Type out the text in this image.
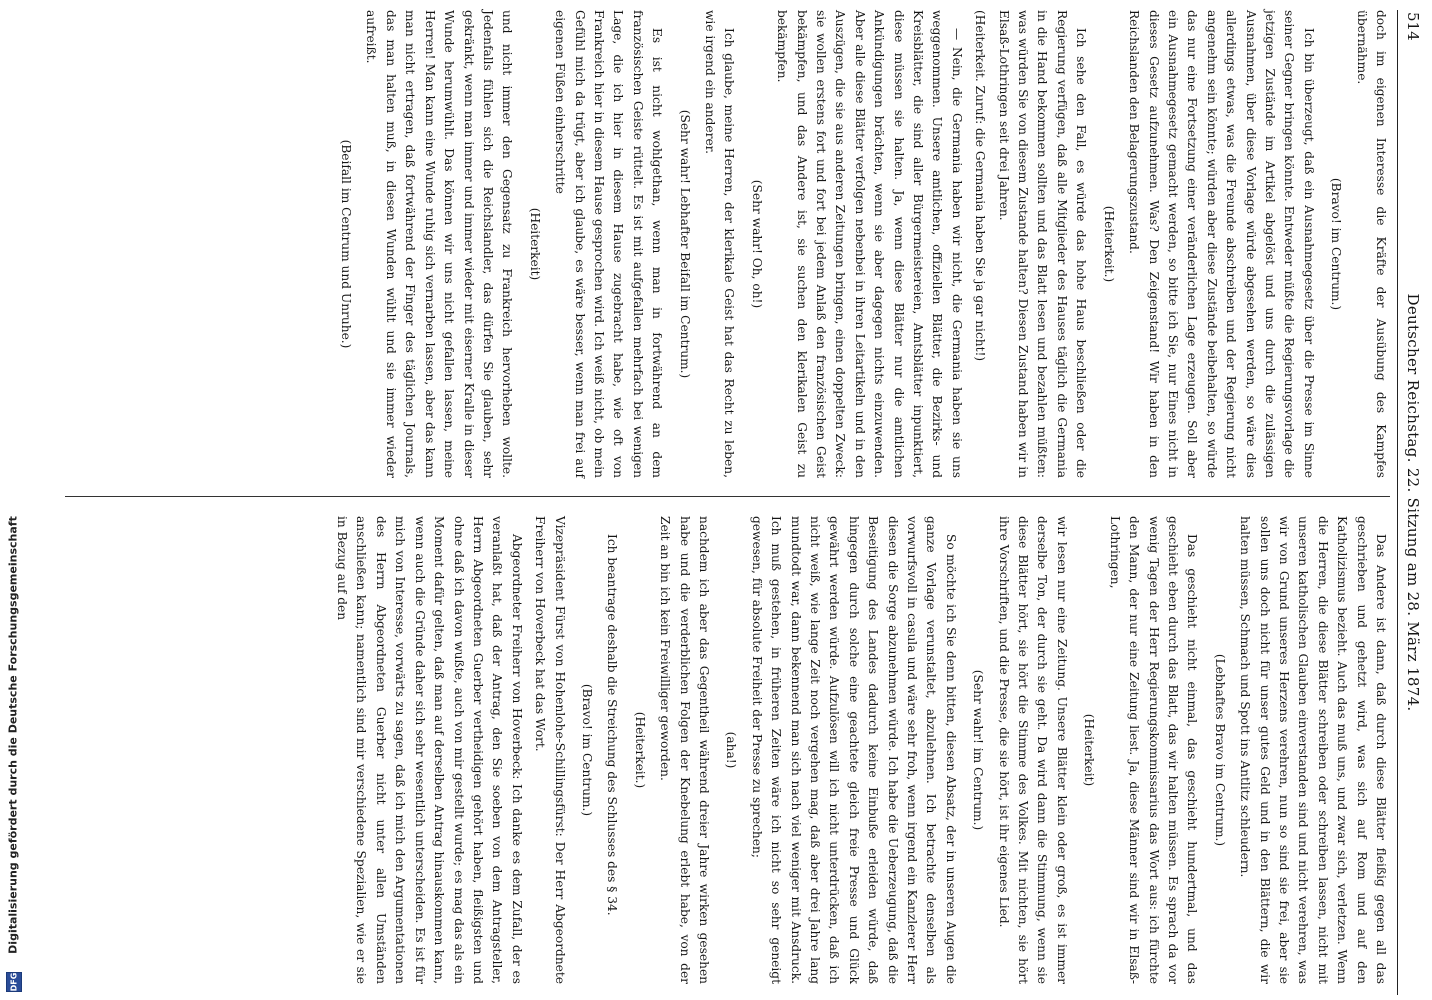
514
Deutscher Reichstag. 22. Sitzung am 28. März 1874.

doch im eigenen Interesse die Kräfte der Ausübung des Kampfes übernähme.

(Bravo! im Centrum.)

Ich bin überzeugt, daß ein Ausnahmegesetz über die Presse im Sinne seiner Gegner bringen könnte. Entweder müßte die Regierungsvorlage die jetzigen Zustände im Artikel abgelöst und uns durch die zulässigen Ausnahmen, über diese Vorlage würde abgesehen werden, so wäre dies allerdings etwas, was die Freunde abschreiben und der Regierung nicht angenehm sein könnte; würden aber diese Zustände beibehalten, so würde das nur eine Fortsetzung einer veränderlichen Lage erzeugen. Soll aber ein Ausnahmegesetz gemacht werden, so bitte ich Sie, nur Eines nicht in dieses Gesetz aufzunehmen. Was? Den Zeigenstand! Wir haben in den Reichslanden den Belagerungszustand.

(Heiterkeit.)

Ich sehe den Fall, es würde das hohe Haus beschließen oder die Regierung verfügen, daß alle Mitglieder des Hauses täglich die Germania in die Hand bekommen sollten und das Blatt lesen und bezahlen müßten: was würden Sie von diesem Zustande halten? Diesen Zustand haben wir in Elsaß-Lothringen seit drei Jahren.

(Heiterkeit. Zuruf: die Germania haben Sie ja gar nicht!)

— Nein, die Germania haben wir nicht, die Germania haben sie uns weggenommen. Unsere amtlichen, offiziellen Blätter, die Bezirks- und Kreisblätter, die sind aller Bürgermeistereien, Amtsblätter inpunktiert, diese müssen sie halten. Ja, wenn diese Blätter nur die amtlichen Ankündigungen brächten, wenn sie aber dagegen nichts einzuwenden. Aber alle diese Blätter verfolgen nebenbei in ihren Leitartikeln und in den Auszügen, die sie aus anderen Zeitungen bringen, einen doppelten Zweck: sie wollen erstens fort und fort bei jedem Anlaß den französischen Geist bekämpfen, und das Andere ist, sie suchen den klerikalen Geist zu bekämpfen.

(Sehr wahr! Oh, oh!)

Ich glaube, meine Herren, der klerikale Geist hat das Recht zu leben, wie irgend ein anderer.

(Sehr wahr! Lebhafter Beifall im Centrum.)

Es ist nicht wohlgethan, wenn man in fortwährend an dem französischen Geiste rüttelt. Es ist mit aufgefallen mehrfach bei wenigen Lage, die ich hier in diesem Hause zugebracht habe, wie oft von Frankreich hier in diesem Hause gesprochen wird. Ich weiß nicht, ob mein Gefühl mich da trügt, aber ich glaube, es wäre besser, wenn man frei auf eigenen Füßen einherschritte

(Heiterkeit)

und nicht immer den Gegensatz zu Frankreich hervorheben wollte. Jedenfalls fühlen sich die Reichslandler, das dürfen Sie glauben, sehr gekränkt, wenn man immer und immer wieder mit eiserner Kralle in dieser Wunde herumwühlt. Das können wir uns nicht gefallen lassen, meine Herren! Man kann eine Wunde ruhig sich vernarben lassen, aber das kann man nicht ertragen, daß fortwährend der Finger des täglichen Journals, das man halten muß, in diesen Wunden wühlt und sie immer wieder aufreißt.

(Beifall im Centrum und Unruhe.)

Das Andere ist dann, daß durch diese Blätter fleißig gegen all das geschrieben und gehetzt wird, was sich auf Rom und auf den Katholizismus bezieht. Auch das muß uns, und zwar sich, verletzen. Wenn die Herren, die diese Blätter schreiben oder schreiben lassen, nicht mit unseren katholischen Glauben einverstanden sind und nicht verehren, was wir von Grund unseres Herzens verehren, nun so sind sie frei, aber sie sollen uns doch nicht für unser gutes Geld und in den Blättern, die wir halten müssen, Schmach und Spott ins Antlitz schleudern.

(Lebhaftes Bravo im Centrum.)

Das geschieht nicht einmal, das geschieht hundertmal, und das geschieht eben durch das Blatt, das wir halten müssen. Es sprach da vor wenig Tagen der Herr Regierungskommissarius das Wort aus: ich fürchte den Mann, der nur eine Zeitung liest. Ja, diese Männer sind wir in Elsaß-Lothringen,

(Heiterkeit)

wir lesen nur eine Zeitung. Unsere Blätter klein oder groß, es ist immer derselbe Ton, der durch sie geht. Da wird dann die Stimmung, wenn sie diese Blätter hört, sie hört die Stimme des Volkes. Mit nichten, sie hört ihre Vorschriften, und die Presse, die sie hört, ist ihr eigenes Lied.

(Sehr wahr! im Centrum.)

So möchte ich Sie denn bitten, diesen Absatz, der in unseren Augen die ganze Vorlage verunstaltet, abzulehnen. Ich betrachte denselben als vorwurfsvoll in casula und wäre sehr froh, wenn irgend ein Kanzlerer Herr diesen die Sorge abzunehmen würde. Ich habe die Ueberzeugung, daß die Beseitigung des Landes dadurch keine Einbuße erleiden würde, daß hingegen durch solche eine geachtete gleich freie Presse und Glück gewährt werden würde. Aufzulösen will ich nicht unterdrücken, daß ich nicht weiß, wie lange Zeit noch vergehen mag, daß aber drei Jahre lang mundtodt war, dann bekennend man sich nach viel weniger mit Ansdruck. Ich muß gestehen, in früheren Zeiten wäre ich nicht so sehr geneigt gewesen, für absolute Freiheit der Presse zu sprechen;

(aha!)

nachdem ich aber das Gegentheil während dreier Jahre wirken gesehen habe und die verderblichen Folgen der Knebelung erlebt habe, von der Zeit an bin ich kein Freiwilliger geworden.

(Heiterkeit.)

Ich beantrage deshalb die Streichung des Schlusses des § 34.

(Bravo! im Centrum.)

Vizepräsident Fürst von Hohenlohe-Schillingsfürst: Der Herr Abgeordnete Freiherr von Hoverbeck hat das Wort.

Abgeordneter Freiherr von Hoverbeck: Ich danke es dem Zufall, der es veranlaßt hat, daß der Antrag, den Sie soeben von dem Antragsteller, Herrn Abgeordneten Guerber vertheidigen gehört haben, fleißigsten und ohne daß ich davon wußte, auch von mir gestellt wurde; es mag das als ein Moment dafür gelten, daß man auf derselben Antrag hinauskommen kann, wenn auch die Gründe daher sich sehr wesentlich unterscheiden. Es ist für mich von Interesse, vorwärts zu sagen, daß ich mich den Argumentationen des Herrn Abgeordneten Guerber nicht unter allen Umständen anschließen kann; namentlich sind mir verschiedene Spezialien, wie er sie in Bezug auf den

Digitalisierung gefördert durch die Deutsche Forschungsgemeinschaft
DFG
